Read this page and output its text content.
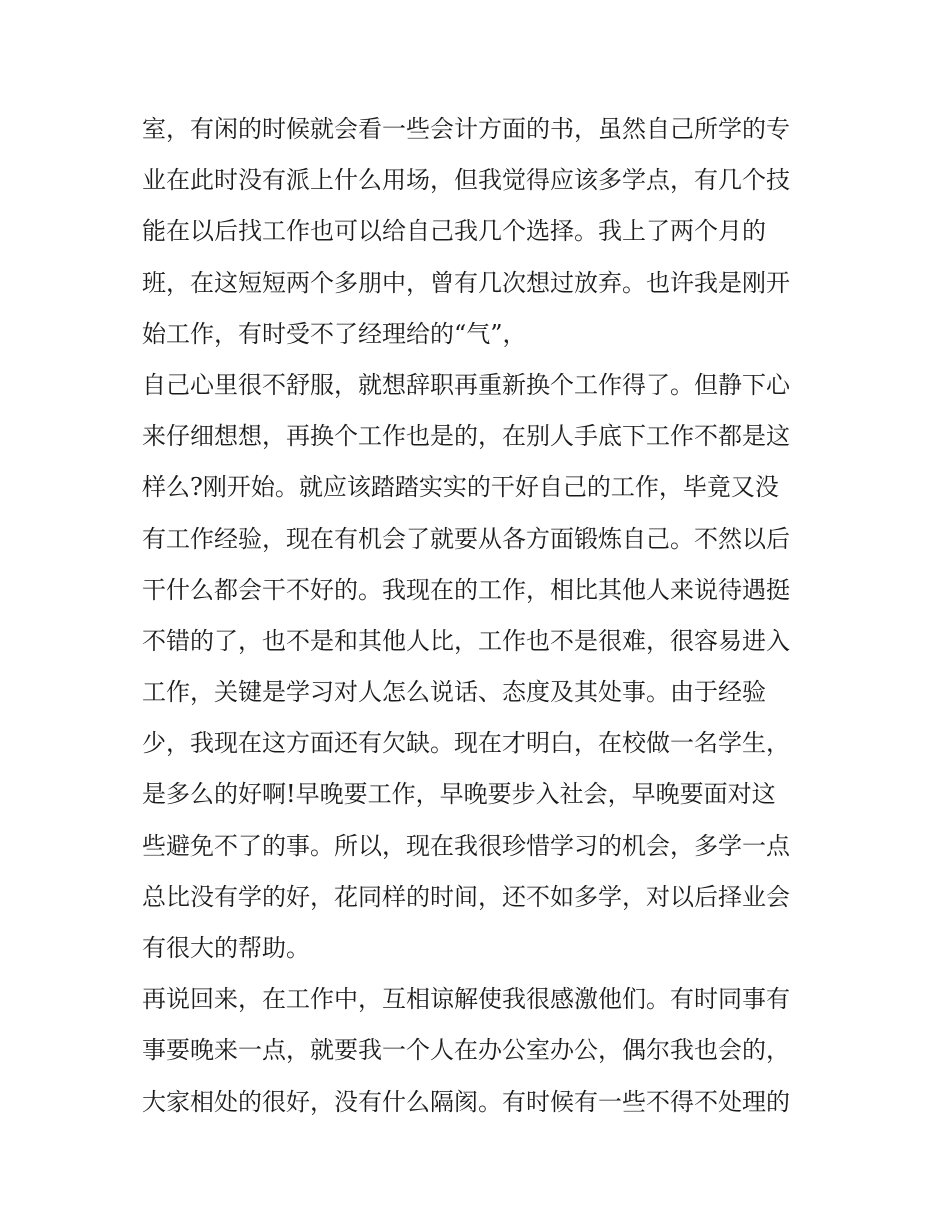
室，有闲的时候就会看一些会计方面的书，虽然自己所学的专
业在此时没有派上什么用场，但我觉得应该多学点，有几个技
能在以后找工作也可以给自己我几个选择。我上了两个月的
班，在这短短两个多朋中，曾有几次想过放弃。也许我是刚开
始工作，有时受不了经理给的“气”，
自己心里很不舒服，就想辞职再重新换个工作得了。但静下心
来仔细想想，再换个工作也是的，在别人手底下工作不都是这
样么?刚开始。就应该踏踏实实的干好自己的工作，毕竟又没
有工作经验，现在有机会了就要从各方面锻炼自己。不然以后
干什么都会干不好的。我现在的工作，相比其他人来说待遇挺
不错的了，也不是和其他人比，工作也不是很难，很容易进入
工作，关键是学习对人怎么说话、态度及其处事。由于经验
少，我现在这方面还有欠缺。现在才明白，在校做一名学生，
是多么的好啊!早晚要工作，早晚要步入社会，早晚要面对这
些避免不了的事。所以，现在我很珍惜学习的机会，多学一点
总比没有学的好，花同样的时间，还不如多学，对以后择业会
有很大的帮助。
再说回来，在工作中，互相谅解使我很感激他们。有时同事有
事要晚来一点，就要我一个人在办公室办公，偶尔我也会的，
大家相处的很好，没有什么隔阂。有时候有一些不得不处理的
